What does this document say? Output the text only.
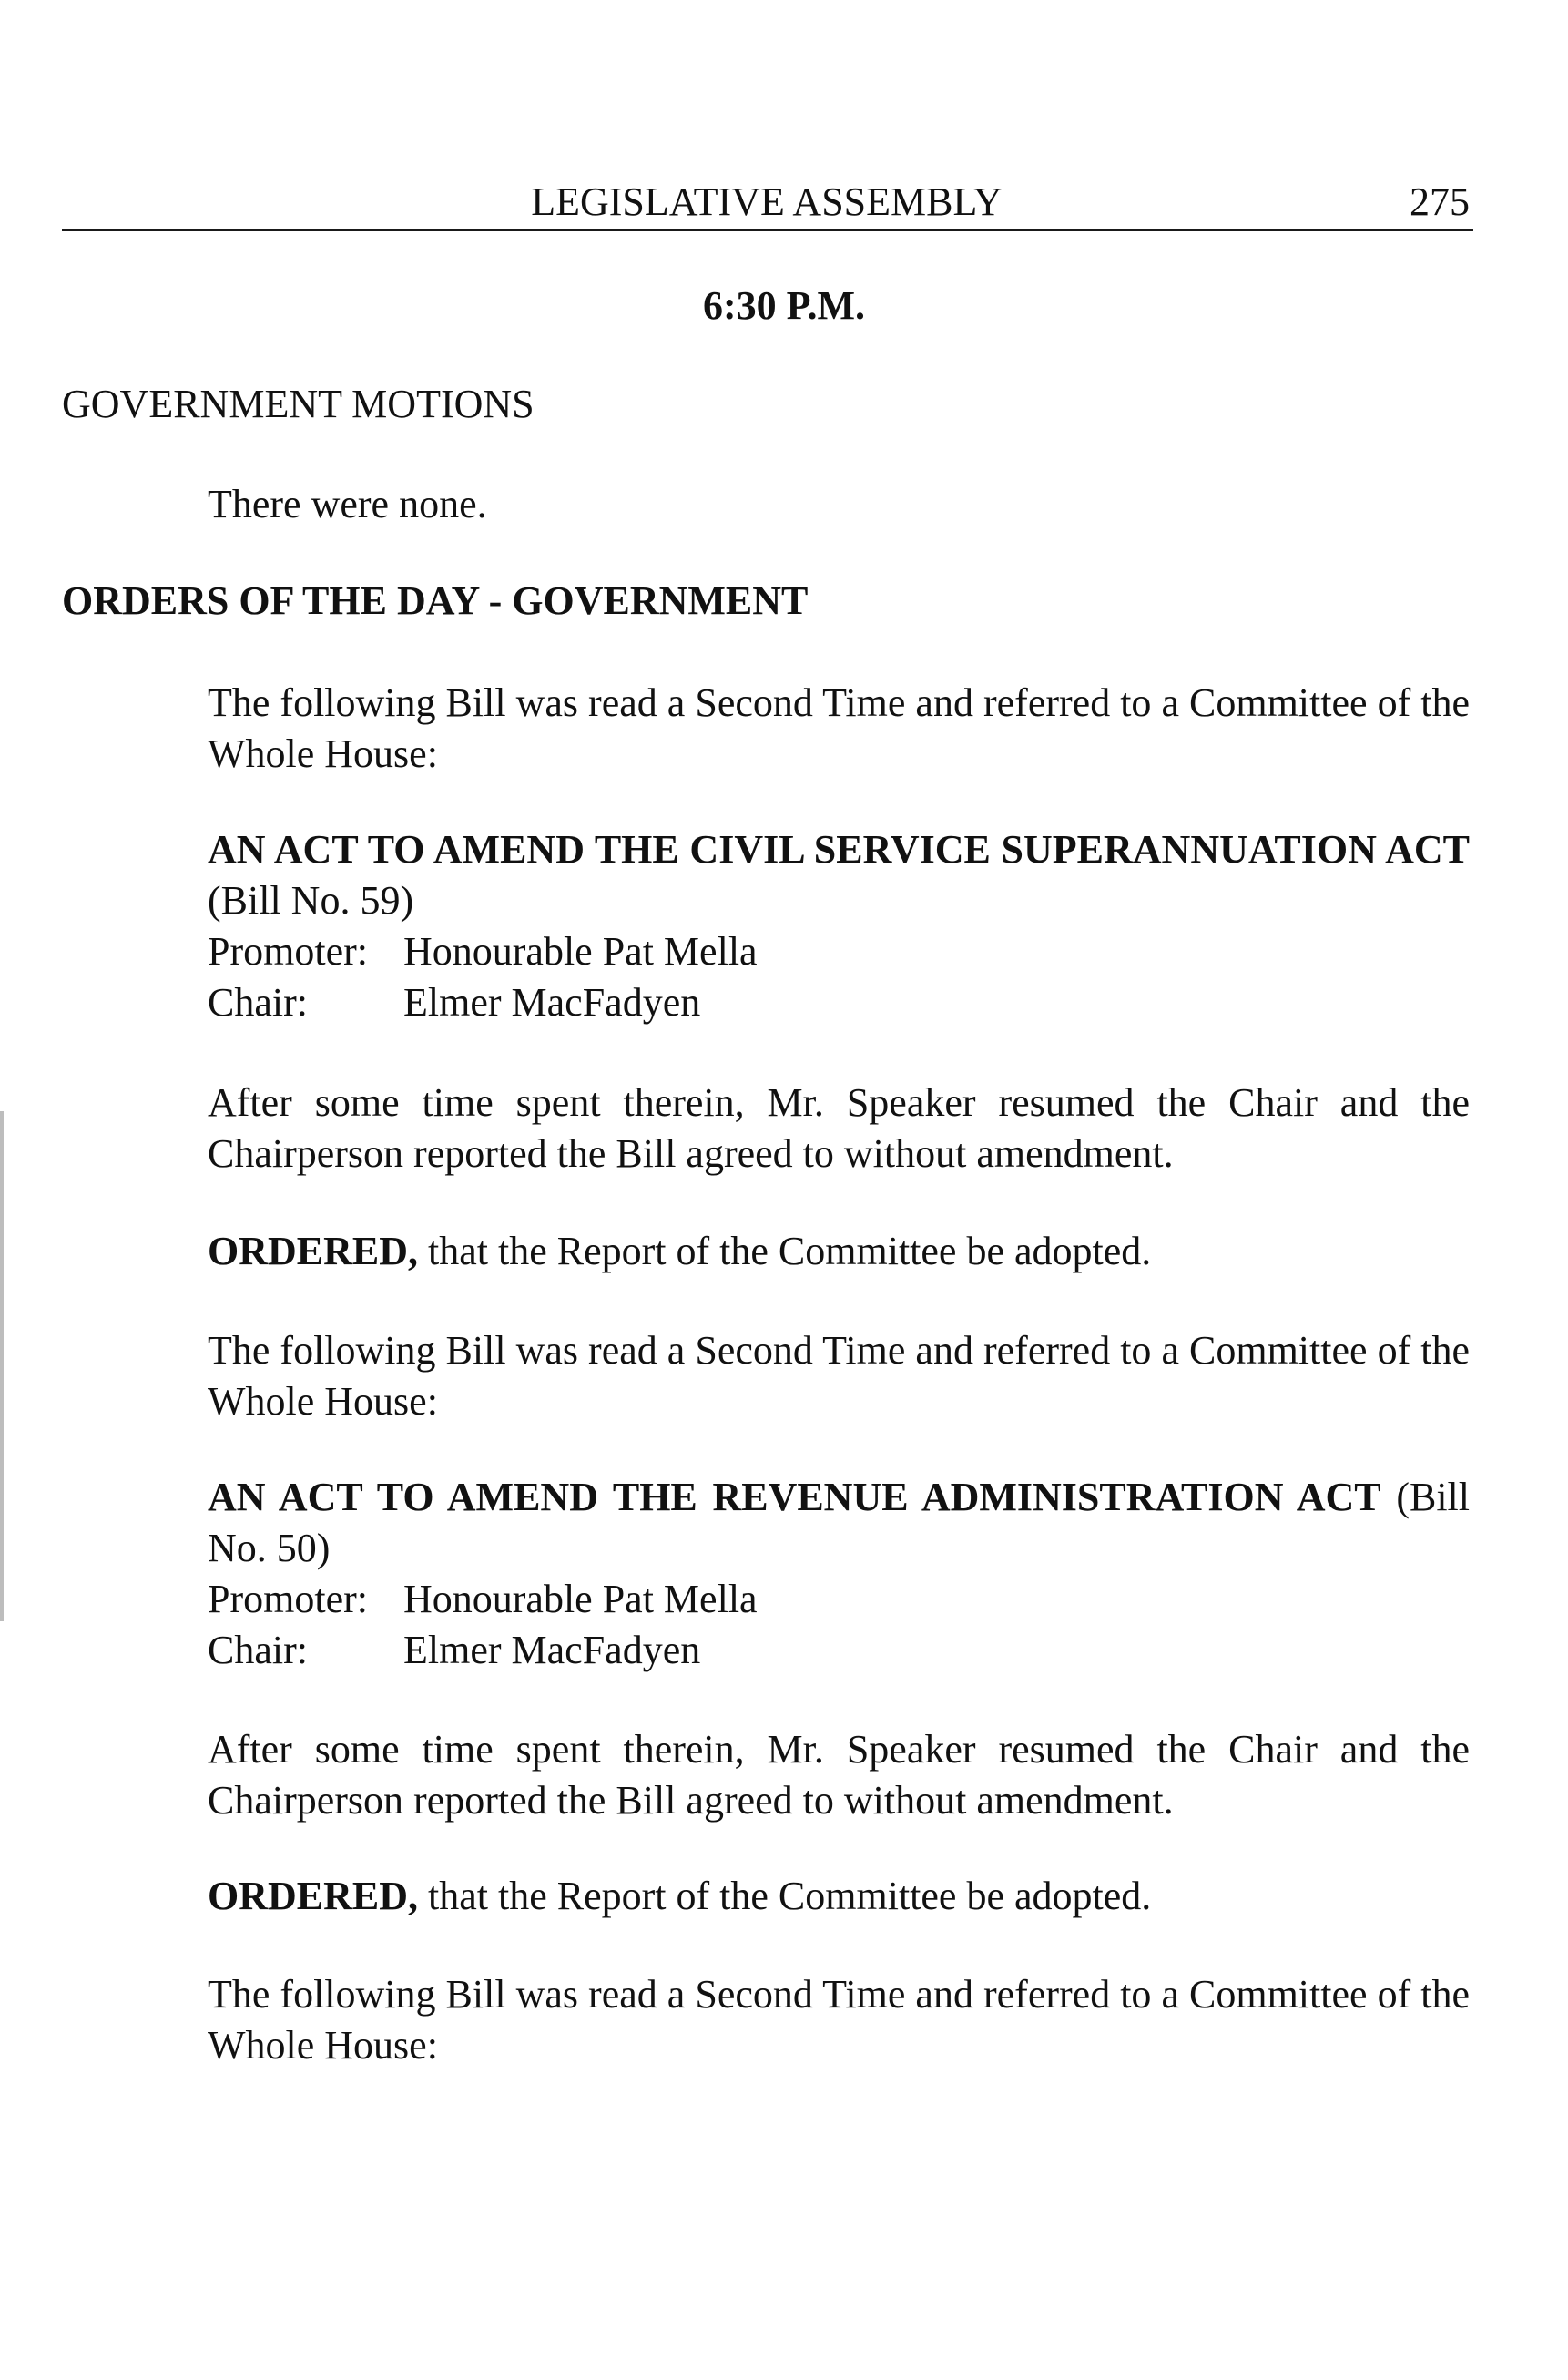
LEGISLATIVE ASSEMBLY	275
6:30 P.M.
GOVERNMENT MOTIONS
There were none.
ORDERS OF THE DAY - GOVERNMENT
The following Bill was read a Second Time and referred to a Committee of the Whole House:
AN ACT TO AMEND THE CIVIL SERVICE SUPERANNUATION ACT (Bill No. 59)
Promoter: Honourable Pat Mella
Chair:	Elmer MacFadyen
After some time spent therein, Mr. Speaker resumed the Chair and the Chairperson reported the Bill agreed to without amendment.
ORDERED, that the Report of the Committee be adopted.
The following Bill was read a Second Time and referred to a Committee of the Whole House:
AN ACT TO AMEND THE REVENUE ADMINISTRATION ACT (Bill No. 50)
Promoter: Honourable Pat Mella
Chair:	Elmer MacFadyen
After some time spent therein, Mr. Speaker resumed the Chair and the Chairperson reported the Bill agreed to without amendment.
ORDERED, that the Report of the Committee be adopted.
The following Bill was read a Second Time and referred to a Committee of the Whole House:
